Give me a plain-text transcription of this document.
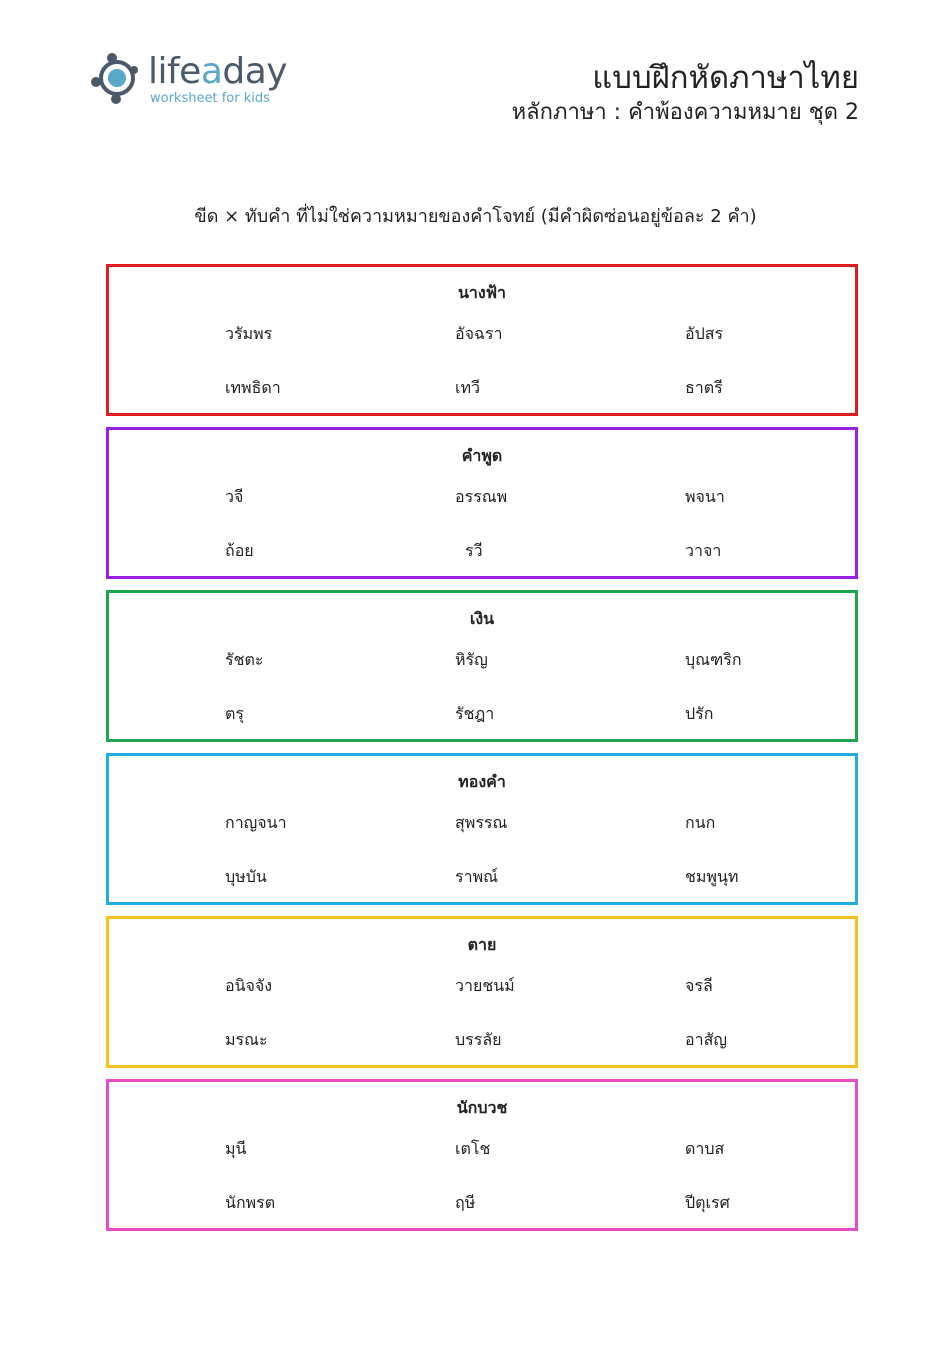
lifeaday
worksheet for kids
แบบฝึกหัดภาษาไทย
หลักภาษา : คำพ้องความหมาย ชุด 2
ขีด × ทับคำ ที่ไม่ใช่ความหมายของคำโจทย์ (มีคำผิดซ่อนอยู่ข้อละ 2 คำ)
นางฟ้า
วรัมพร	อัจฉรา	อัปสร
เทพธิดา	เทวี	ธาตรี
คำพูด
วจี	อรรณพ	พจนา
ถ้อย	รวี	วาจา
เงิน
รัชตะ	หิรัญ	บุณฑริก
ตรุ	รัชฎา	ปรัก
ทองคำ
กาญจนา	สุพรรณ	กนก
บุษบัน	ราพณ์	ชมพูนุท
ตาย
อนิจจัง	วายชนม์	จรลี
มรณะ	บรรลัย	อาสัญ
นักบวช
มุนี	เตโช	ดาบส
นักพรต	ฤษี	ปีตุเรศ
